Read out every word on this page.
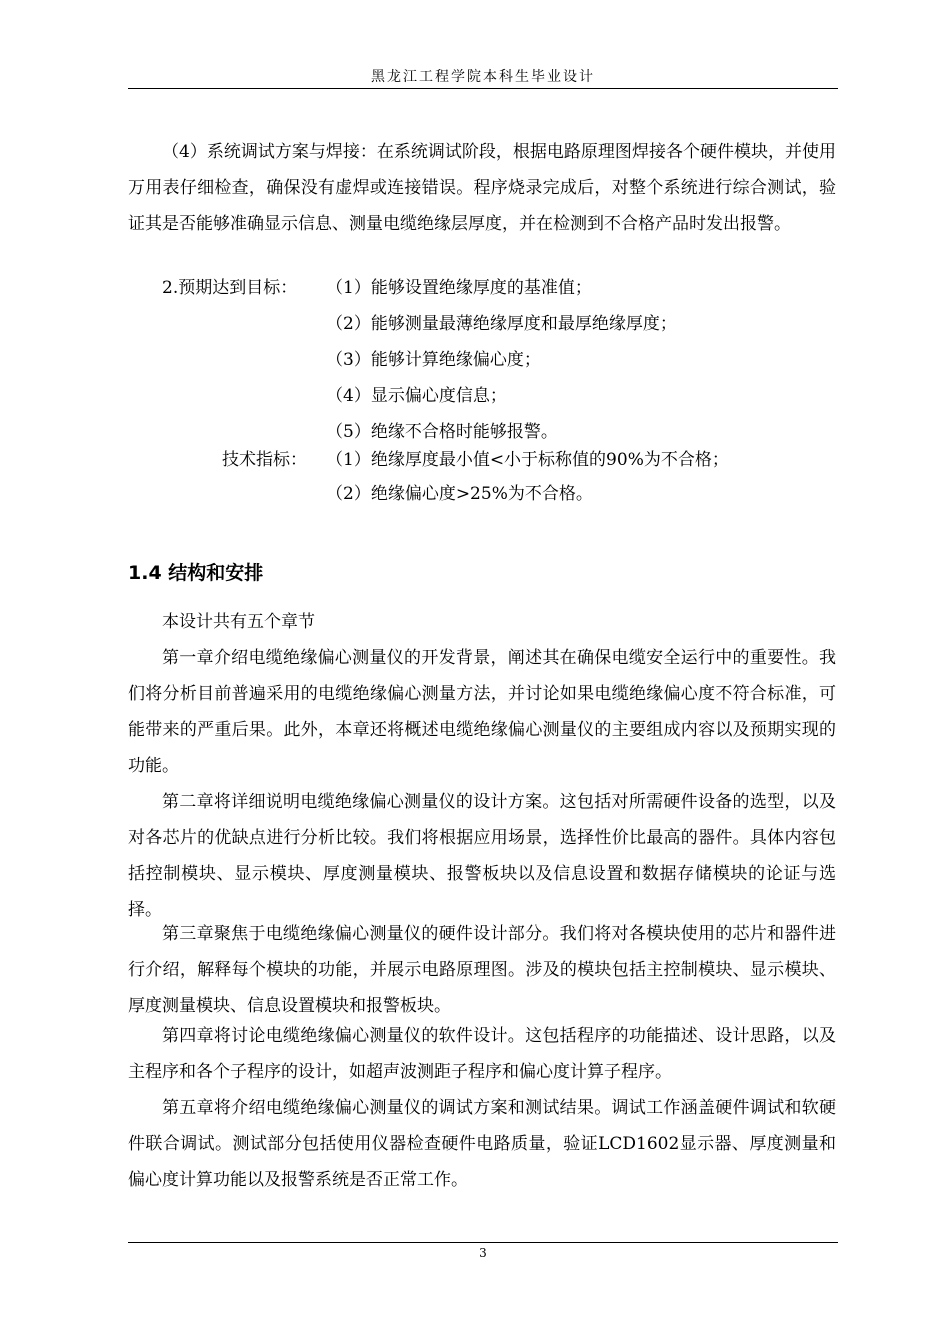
黑龙江工程学院本科生毕业设计

（4）系统调试方案与焊接：在系统调试阶段，根据电路原理图焊接各个硬件模块，并使用万用表仔细检查，确保没有虚焊或连接错误。程序烧录完成后，对整个系统进行综合测试，验证其是否能够准确显示信息、测量电缆绝缘层厚度，并在检测到不合格产品时发出报警。

2.预期达到目标： （1）能够设置绝缘厚度的基准值；
（2）能够测量最薄绝缘厚度和最厚绝缘厚度；
（3）能够计算绝缘偏心度；
（4）显示偏心度信息；
（5）绝缘不合格时能够报警。
技术指标： （1）绝缘厚度最小值<小于标称值的90%为不合格；
（2）绝缘偏心度>25%为不合格。
1.4 结构和安排

本设计共有五个章节

第一章介绍电缆绝缘偏心测量仪的开发背景，阐述其在确保电缆安全运行中的重要性。我们将分析目前普遍采用的电缆绝缘偏心测量方法，并讨论如果电缆绝缘偏心度不符合标准，可能带来的严重后果。此外，本章还将概述电缆绝缘偏心测量仪的主要组成内容以及预期实现的功能。

第二章将详细说明电缆绝缘偏心测量仪的设计方案。这包括对所需硬件设备的选型，以及对各芯片的优缺点进行分析比较。我们将根据应用场景，选择性价比最高的器件。具体内容包括控制模块、显示模块、厚度测量模块、报警板块以及信息设置和数据存储模块的论证与选择。

第三章聚焦于电缆绝缘偏心测量仪的硬件设计部分。我们将对各模块使用的芯片和器件进行介绍，解释每个模块的功能，并展示电路原理图。涉及的模块包括主控制模块、显示模块、厚度测量模块、信息设置模块和报警板块。

第四章将讨论电缆绝缘偏心测量仪的软件设计。这包括程序的功能描述、设计思路，以及主程序和各个子程序的设计，如超声波测距子程序和偏心度计算子程序。

第五章将介绍电缆绝缘偏心测量仪的调试方案和测试结果。调试工作涵盖硬件调试和软硬件联合调试。测试部分包括使用仪器检查硬件电路质量，验证LCD1602显示器、厚度测量和偏心度计算功能以及报警系统是否正常工作。

3
